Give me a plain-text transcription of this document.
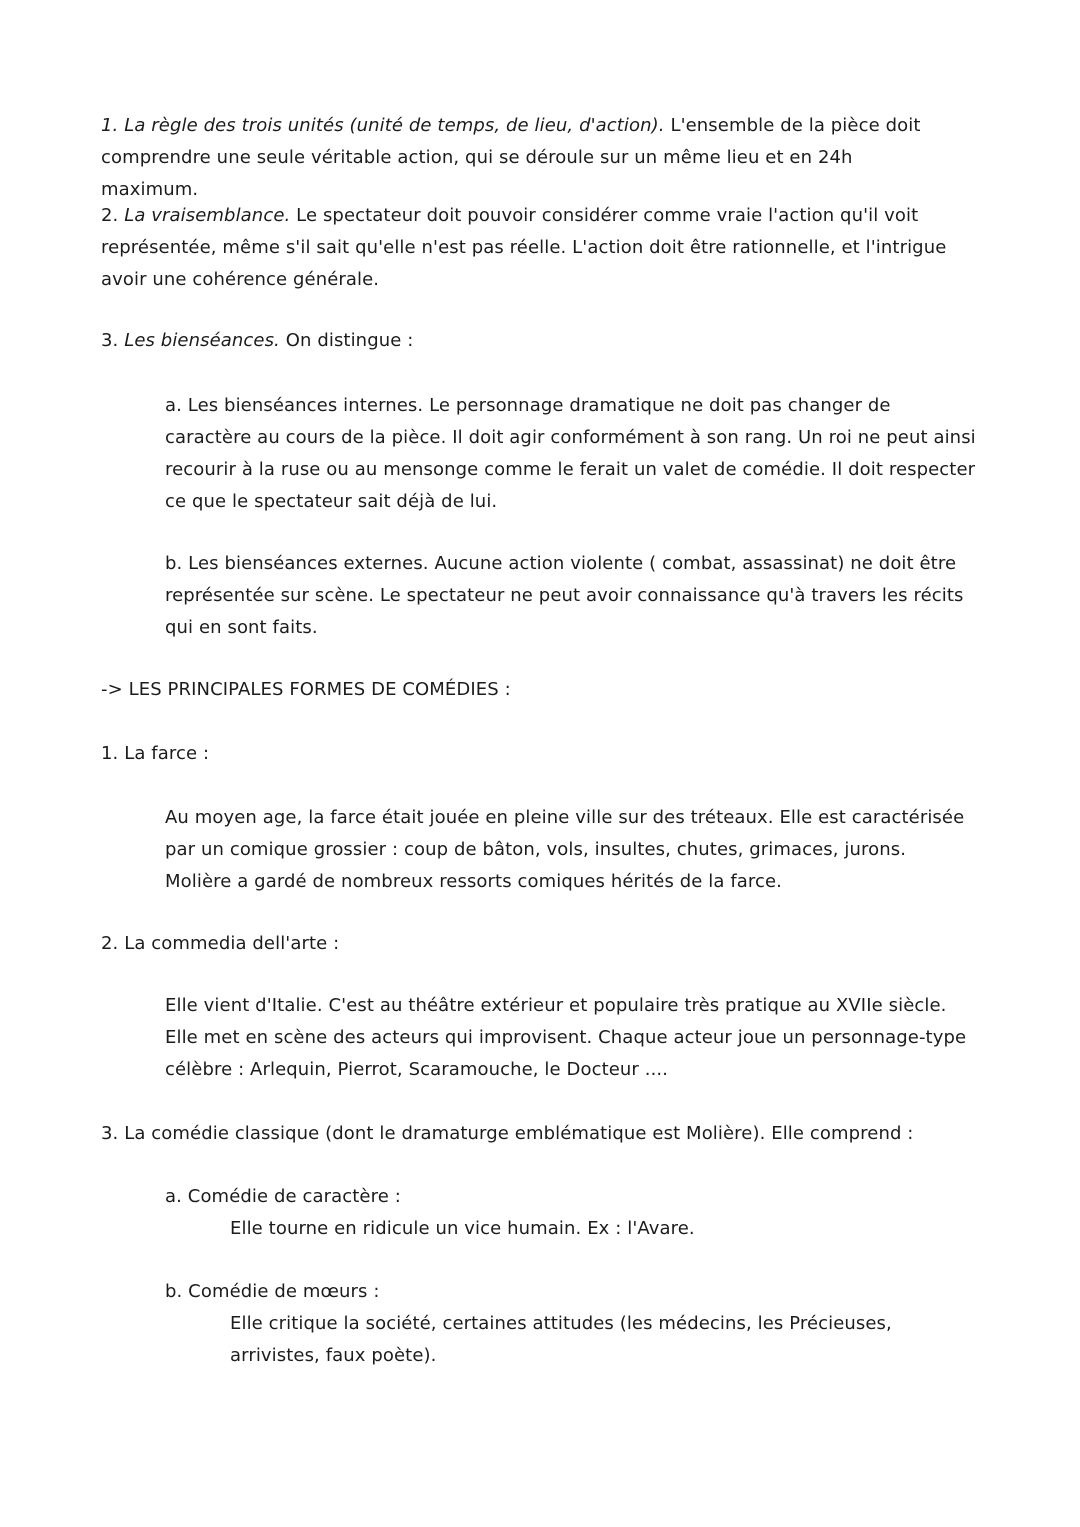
1. La règle des trois unités (unité de temps, de lieu, d'action). L'ensemble de la pièce doit comprendre une seule véritable action, qui se déroule sur un même lieu et en 24h maximum.

2. La vraisemblance. Le spectateur doit pouvoir considérer comme vraie l'action qu'il voit représentée, même s'il sait qu'elle n'est pas réelle. L'action doit être rationnelle, et l'intrigue avoir une cohérence générale.

3. Les bienséances. On distingue :

a. Les bienséances internes. Le personnage dramatique ne doit pas changer de caractère au cours de la pièce. Il doit agir conformément à son rang. Un roi ne peut ainsi recourir à la ruse ou au mensonge comme le ferait un valet de comédie. Il doit respecter ce que le spectateur sait déjà de lui.

b. Les bienséances externes. Aucune action violente ( combat, assassinat) ne doit être représentée sur scène. Le spectateur ne peut avoir connaissance qu'à travers les récits qui en sont faits.

-> LES PRINCIPALES FORMES DE COMÉDIES :

1. La farce :

Au moyen age, la farce était jouée en pleine ville sur des tréteaux. Elle est caractérisée par un comique grossier : coup de bâton, vols, insultes, chutes, grimaces, jurons. Molière a gardé de nombreux ressorts comiques hérités de la farce.

2. La commedia dell'arte :

Elle vient d'Italie. C'est au théâtre extérieur et populaire très pratique au XVIIe siècle. Elle met en scène des acteurs qui improvisent. Chaque acteur joue un personnage-type célèbre : Arlequin, Pierrot, Scaramouche, le Docteur ....

3. La comédie classique (dont le dramaturge emblématique est Molière). Elle comprend :

a. Comédie de caractère :

Elle tourne en ridicule un vice humain. Ex : l'Avare.

b. Comédie de mœurs :

Elle critique la société, certaines attitudes (les médecins, les Précieuses, arrivistes, faux poète).
